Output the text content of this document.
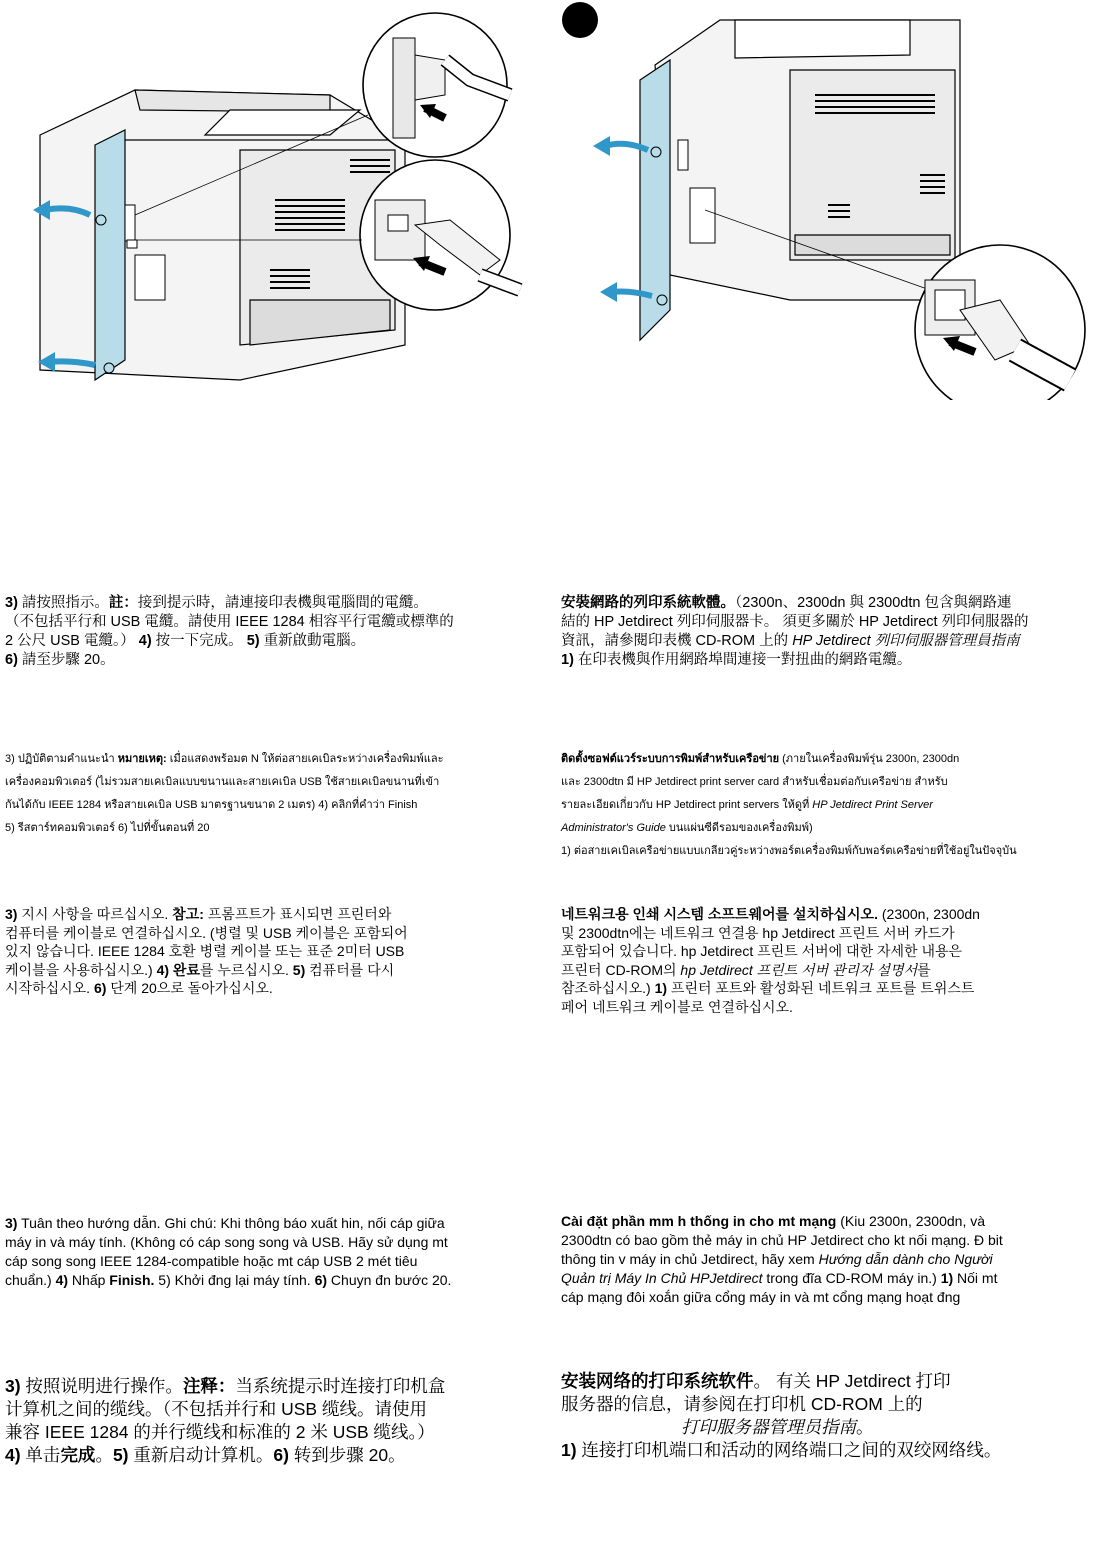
3) 請按照指示。註：接到提示時，請連接印表機與電腦間的電纜。

（不包括平行和 USB 電纜。請使用 IEEE 1284 相容平行電纜或標準的

2 公尺 USB 電纜。） 4) 按一下完成。 5) 重新啟動電腦。

6) 請至步驟 20。

安裝網路的列印系統軟體。（2300n、2300dn 與 2300dtn 包含與網路連

結的 HP Jetdirect 列印伺服器卡。 須更多關於 HP Jetdirect 列印伺服器的

資訊，請參閱印表機 CD-ROM 上的 HP Jetdirect 列印伺服器管理員指南

1) 在印表機與作用網路埠間連接一對扭曲的網路電纜。

3) ปฏิบัติตามคำแนะนำ หมายเหตุ: เมื่อแสดงพร้อมต N ให้ต่อสายเคเบิลระหว่างเครื่องพิมพ์และ

เครื่องคอมพิวเตอร์ (ไม่รวมสายเคเบิลแบบขนานและสายเคเบิล USB ใช้สายเคเบิลขนานที่เข้า

กันได้กับ IEEE 1284 หรือสายเคเบิล USB มาตรฐานขนาด 2 เมตร) 4) คลิกที่คำว่า Finish

5) รีสตาร์ทคอมพิวเตอร์ 6) ไปที่ขั้นตอนที่ 20

ติดตั้งซอฟต์แวร์ระบบการพิมพ์สำหรับเครือข่าย (ภายในเครื่องพิมพ์รุ่น 2300n, 2300dn

และ 2300dtn มี HP Jetdirect print server card สำหรับเชื่อมต่อกับเครือข่าย สำหรับ

รายละเอียดเกี่ยวกับ HP Jetdirect print servers ให้ดูที่ HP Jetdirect Print Server

Administrator's Guide บนแผ่นซีดีรอมของเครื่องพิมพ์)

1) ต่อสายเคเบิลเครือข่ายแบบเกลียวคู่ระหว่างพอร์ตเครื่องพิมพ์กับพอร์ตเครือข่ายที่ใช้อยู่ในปัจจุบัน

3) 지시 사항을 따르십시오. 참고: 프롬프트가 표시되면 프린터와

컴퓨터를 케이블로 연결하십시오. (병렬 및 USB 케이블은 포함되어

있지 않습니다. IEEE 1284 호환 병렬 케이블 또는 표준 2미터 USB

케이블을 사용하십시오.) 4) 완료를 누르십시오. 5) 컴퓨터를 다시

시작하십시오. 6) 단계 20으로 돌아가십시오.

네트워크용 인쇄 시스템 소프트웨어를 설치하십시오. (2300n, 2300dn

및 2300dtn에는 네트워크 연결용 hp Jetdirect 프린트 서버 카드가

포함되어 있습니다. hp Jetdirect 프린트 서버에 대한 자세한 내용은

프린터 CD-ROM의 hp Jetdirect 프린트 서버 관리자 설명서를

참조하십시오.) 1) 프린터 포트와 활성화된 네트워크 포트를 트위스트

페어 네트워크 케이블로 연결하십시오.

3) Tuân theo hướng dẫn. Ghi chú: Khi thông báo xuất hin, nối cáp giữa

máy in và máy tính. (Không có cáp song song và USB. Hãy sử dụng mt

cáp song song IEEE 1284-compatible hoặc mt cáp USB 2 mét tiêu

chuẩn.) 4) Nhấp Finish. 5) Khởi đng lại máy tính. 6) Chuyn đn bước 20.

Cài đặt phần mm h thống in cho mt mạng (Kiu 2300n, 2300dn, và

2300dtn có bao gồm thẻ máy in chủ HP Jetdirect cho kt nối mạng. Đ bit

thông tin v máy in chủ Jetdirect, hãy xem Hướng dẫn dành cho Người

Quản trị Máy In Chủ HPJetdirect trong đĩa CD-ROM máy in.) 1) Nối mt

cáp mạng đôi xoắn giữa cổng máy in và mt cổng mạng hoạt đng

3) 按照说明进行操作。注释：当系统提示时连接打印机盒

计算机之间的缆线。（不包括并行和 USB 缆线。请使用

兼容 IEEE 1284 的并行缆线和标准的 2 米 USB 缆线。）

4) 单击完成。5) 重新启动计算机。6) 转到步骤 20。

安装网络的打印系统软件。 有关 HP Jetdirect 打印

服务器的信息，请参阅在打印机 CD-ROM 上的

打印服务器管理员指南。

1) 连接打印机端口和活动的网络端口之间的双绞网络线。
